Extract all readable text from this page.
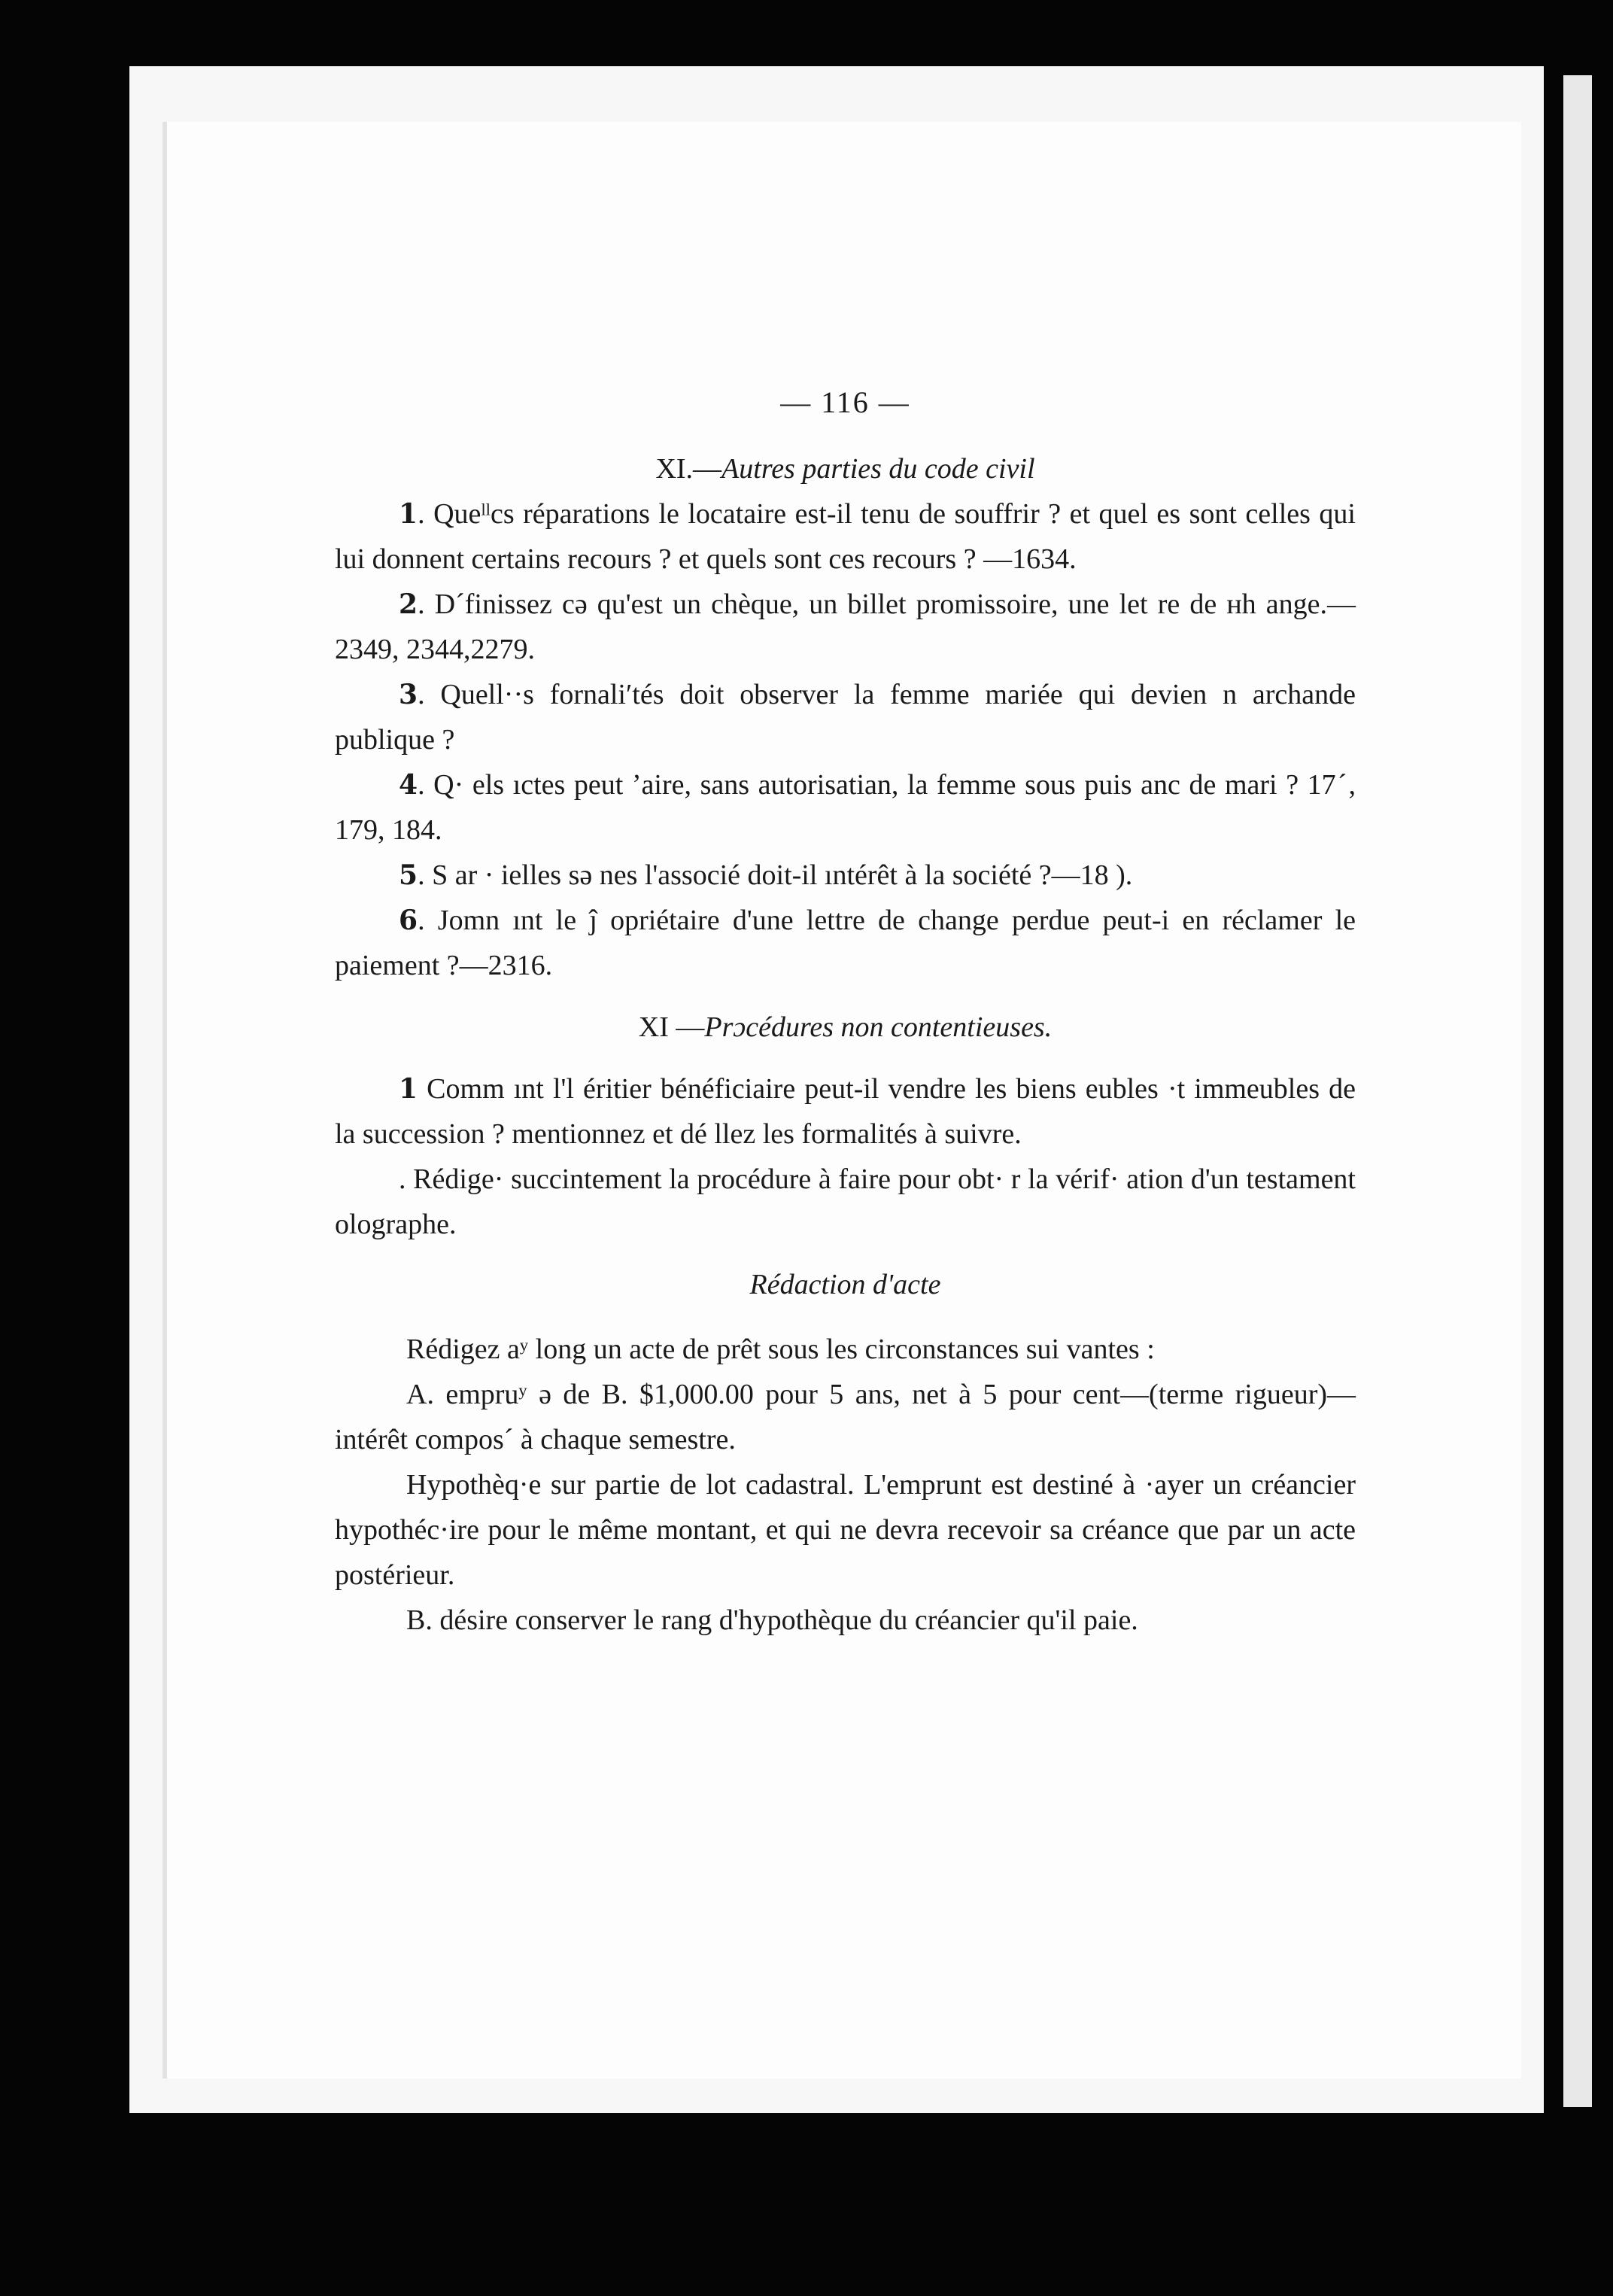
— 116 —

XI.—Autres parties du code civil

1. Queˡˡcs réparations le locataire est-il tenu de souffrir ? et quel es sont celles qui lui donnent certains recours ? et quels sont ces recours ? —1634.

2. D´finissez cə qu'est un chèque, un billet promissoire, une let re de ʜh ange.—2349, 2344,2279.

3. Quell··s fornaliʹtés doit observer la femme mariée qui devien n archande publique ?

4. Q· els ıctes peut ʼaire, sans autorisatian, la femme sous puis anc de mari ? 17ˊ, 179, 184.

5. S ar · ielles sə nes l'associé doit-il ıntérêt à la société ?—18 ).

6. Jomn ınt le ĵ opriétaire d'une lettre de change perdue peut-i en réclamer le paiement ?—2316.

XI —Prɔcédures non contentieuses.

1 Comm ınt l'l éritier bénéficiaire peut-il vendre les biens eubles ·t immeubles de la succession ? mentionnez et dé llez les formalités à suivre.

. Rédige· succintement la procédure à faire pour obt· r la vérif· ation d'un testament olographe.

Rédaction d'acte

Rédigez aʸ long un acte de prêt sous les circonstances sui vantes :

A. empruʸ ə de B. $1,000.00 pour 5 ans, net à 5 pour cent—(terme rigueur)—intérêt compos´ à chaque semestre.

Hypothèq·e sur partie de lot cadastral. L'emprunt est destiné à ·ayer un créancier hypothéc·ire pour le même montant, et qui ne devra recevoir sa créance que par un acte postérieur.

B. désire conserver le rang d'hypothèque du créancier qu'il paie.
